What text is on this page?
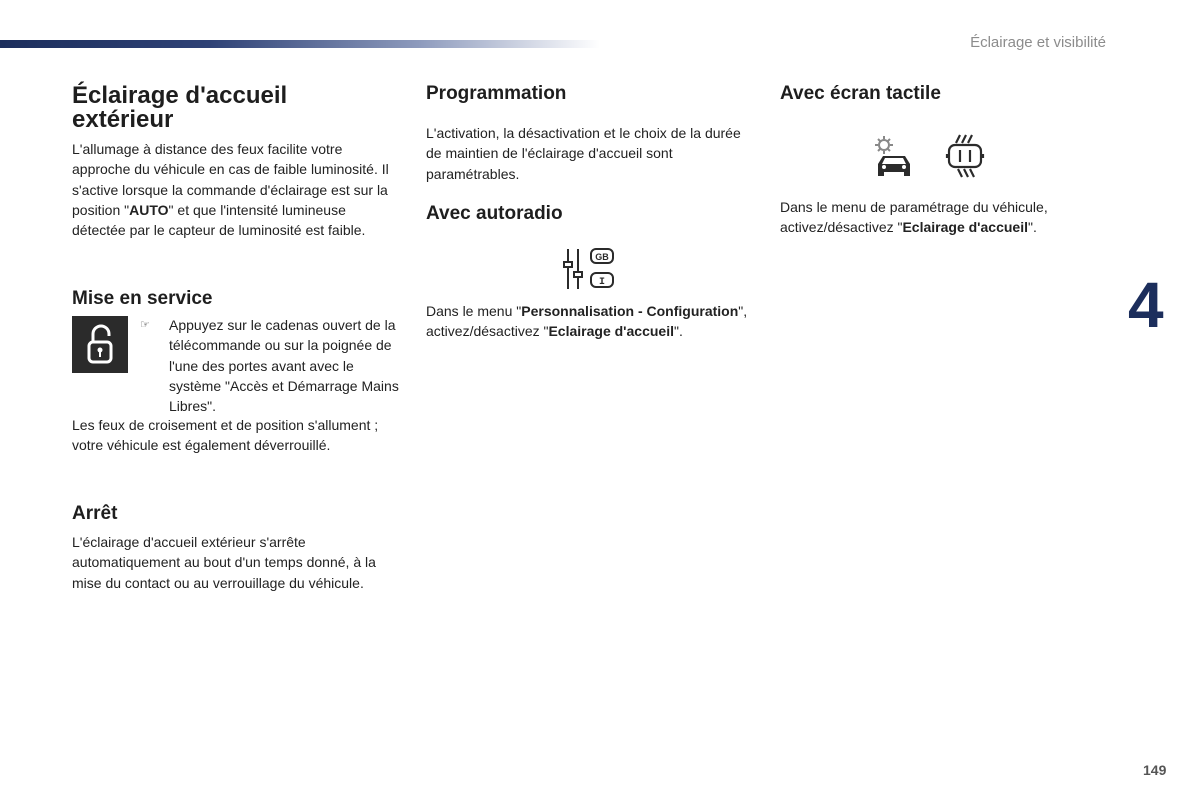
Éclairage et visibilité
Éclairage d'accueil
extérieur

L'allumage à distance des feux facilite votre approche du véhicule en cas de faible luminosité. Il s'active lorsque la commande d'éclairage est sur la position "AUTO" et que l'intensité lumineuse détectée par le capteur de luminosité est faible.

Mise en service
☞ Appuyez sur le cadenas ouvert de la télécommande ou sur la poignée de l'une des portes avant avec le système "Accès et Démarrage Mains Libres".

Les feux de croisement et de position s'allument ; votre véhicule est également déverrouillé.

Arrêt

L'éclairage d'accueil extérieur s'arrête automatiquement au bout d'un temps donné, à la mise du contact ou au verrouillage du véhicule.

Programmation

L'activation, la désactivation et le choix de la durée de maintien de l'éclairage d'accueil sont paramétrables.

Avec autoradio
GB
I

Dans le menu "Personnalisation - Configuration", activez/désactivez "Eclairage d'accueil".

Avec écran tactile

Dans le menu de paramétrage du véhicule, activez/désactivez "Eclairage d'accueil".

4
149
